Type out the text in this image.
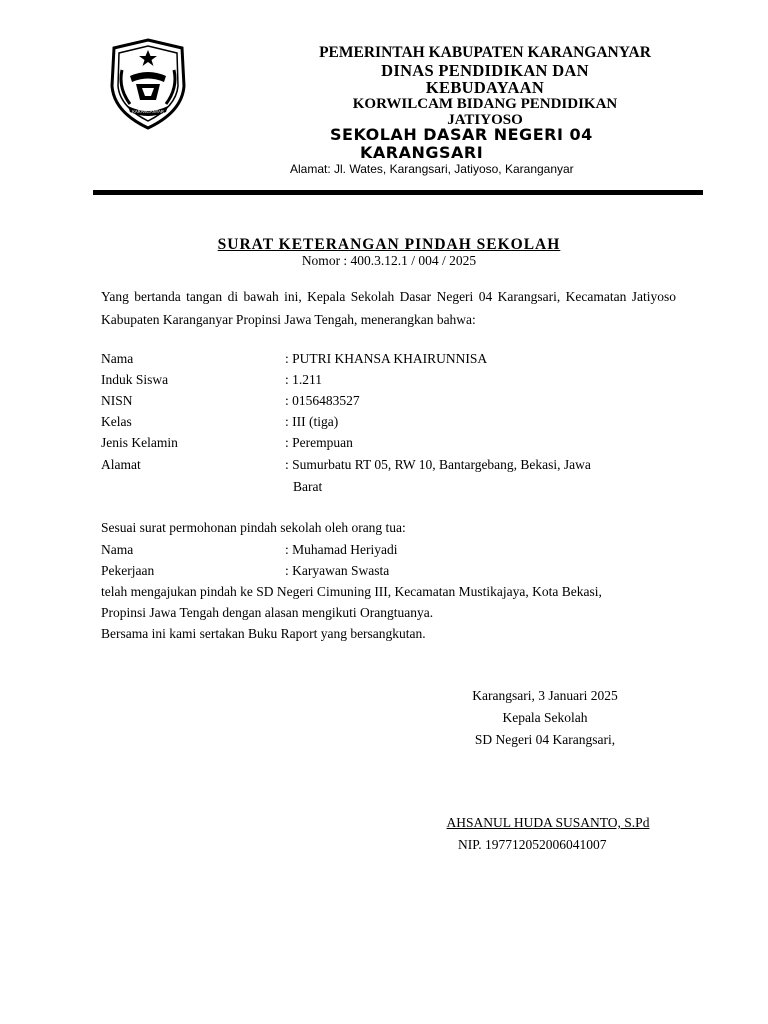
KARANGANYAR
PEMERINTAH KABUPATEN KARANGANYAR
DINAS PENDIDIKAN DAN
KEBUDAYAAN
KORWILCAM BIDANG PENDIDIKAN
JATIYOSO
SEKOLAH DASAR NEGERI 04
KARANGSARI
Alamat: Jl. Wates, Karangsari, Jatiyoso, Karanganyar
SURAT KETERANGAN PINDAH SEKOLAH
Nomor : 400.3.12.1 / 004 / 2025
Yang bertanda tangan di bawah ini, Kepala Sekolah Dasar Negeri 04 Karangsari, Kecamatan Jatiyoso Kabupaten Karanganyar Propinsi Jawa Tengah, menerangkan bahwa:
Nama	: PUTRI KHANSA KHAIRUNNISA
Induk Siswa	: 1.211
NISN	: 0156483527
Kelas	: III (tiga)
Jenis Kelamin	: Perempuan
Alamat	: Sumurbatu RT 05, RW 10, Bantargebang, Bekasi, Jawa
Barat
Sesuai surat permohonan pindah sekolah oleh orang tua:
Nama	: Muhamad Heriyadi
Pekerjaan	: Karyawan Swasta
telah mengajukan pindah ke SD Negeri Cimuning III, Kecamatan Mustikajaya, Kota Bekasi,
Propinsi Jawa Tengah dengan alasan mengikuti Orangtuanya.
Bersama ini kami sertakan Buku Raport yang bersangkutan.
Karangsari, 3 Januari 2025
Kepala Sekolah
SD Negeri 04 Karangsari,
AHSANUL HUDA SUSANTO, S.Pd
NIP. 197712052006041007
